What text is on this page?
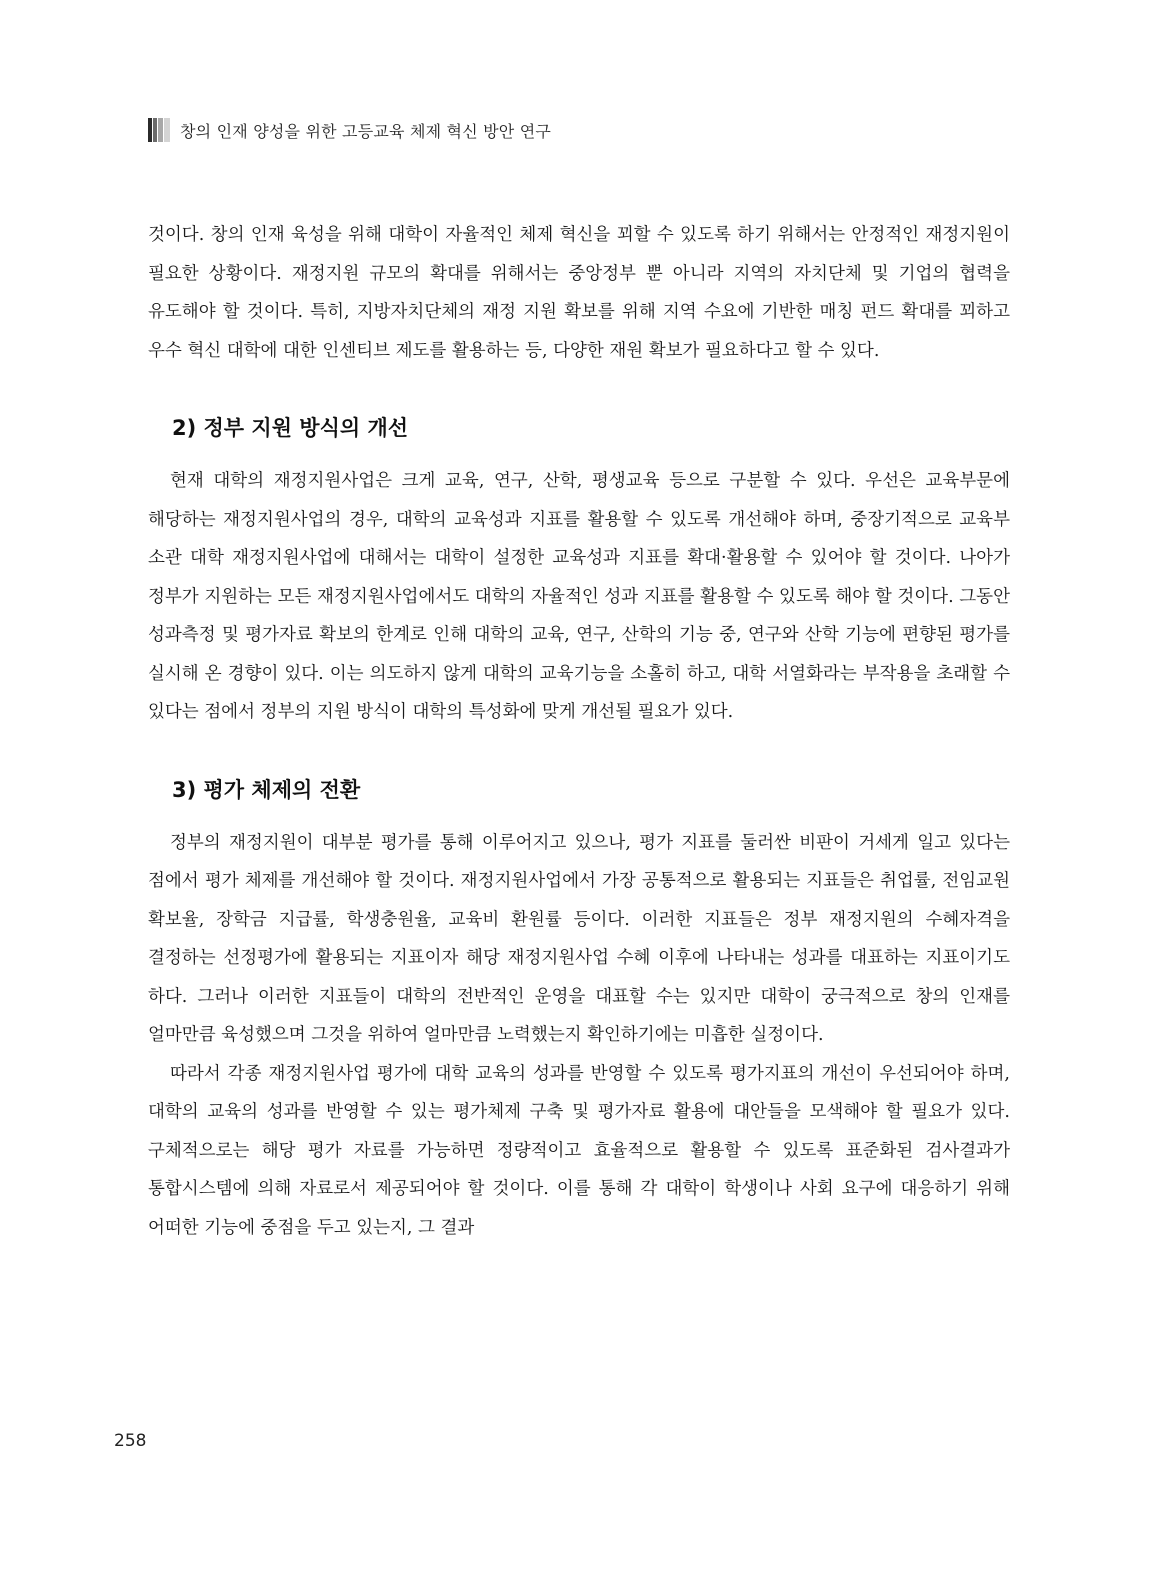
창의 인재 양성을 위한 고등교육 체제 혁신 방안 연구

것이다. 창의 인재 육성을 위해 대학이 자율적인 체제 혁신을 꾀할 수 있도록 하기 위해서는 안정적인 재정지원이 필요한 상황이다. 재정지원 규모의 확대를 위해서는 중앙정부 뿐 아니라 지역의 자치단체 및 기업의 협력을 유도해야 할 것이다. 특히, 지방자치단체의 재정 지원 확보를 위해 지역 수요에 기반한 매칭 펀드 확대를 꾀하고 우수 혁신 대학에 대한 인센티브 제도를 활용하는 등, 다양한 재원 확보가 필요하다고 할 수 있다.

2) 정부 지원 방식의 개선

현재 대학의 재정지원사업은 크게 교육, 연구, 산학, 평생교육 등으로 구분할 수 있다. 우선은 교육부문에 해당하는 재정지원사업의 경우, 대학의 교육성과 지표를 활용할 수 있도록 개선해야 하며, 중장기적으로 교육부 소관 대학 재정지원사업에 대해서는 대학이 설정한 교육성과 지표를 확대·활용할 수 있어야 할 것이다. 나아가 정부가 지원하는 모든 재정지원사업에서도 대학의 자율적인 성과 지표를 활용할 수 있도록 해야 할 것이다. 그동안 성과측정 및 평가자료 확보의 한계로 인해 대학의 교육, 연구, 산학의 기능 중, 연구와 산학 기능에 편향된 평가를 실시해 온 경향이 있다. 이는 의도하지 않게 대학의 교육기능을 소홀히 하고, 대학 서열화라는 부작용을 초래할 수 있다는 점에서 정부의 지원 방식이 대학의 특성화에 맞게 개선될 필요가 있다.

3) 평가 체제의 전환

정부의 재정지원이 대부분 평가를 통해 이루어지고 있으나, 평가 지표를 둘러싼 비판이 거세게 일고 있다는 점에서 평가 체제를 개선해야 할 것이다. 재정지원사업에서 가장 공통적으로 활용되는 지표들은 취업률, 전임교원 확보율, 장학금 지급률, 학생충원율, 교육비 환원률 등이다. 이러한 지표들은 정부 재정지원의 수혜자격을 결정하는 선정평가에 활용되는 지표이자 해당 재정지원사업 수혜 이후에 나타내는 성과를 대표하는 지표이기도 하다. 그러나 이러한 지표들이 대학의 전반적인 운영을 대표할 수는 있지만 대학이 궁극적으로 창의 인재를 얼마만큼 육성했으며 그것을 위하여 얼마만큼 노력했는지 확인하기에는 미흡한 실정이다.

따라서 각종 재정지원사업 평가에 대학 교육의 성과를 반영할 수 있도록 평가지표의 개선이 우선되어야 하며, 대학의 교육의 성과를 반영할 수 있는 평가체제 구축 및 평가자료 활용에 대안들을 모색해야 할 필요가 있다. 구체적으로는 해당 평가 자료를 가능하면 정량적이고 효율적으로 활용할 수 있도록 표준화된 검사결과가 통합시스템에 의해 자료로서 제공되어야 할 것이다. 이를 통해 각 대학이 학생이나 사회 요구에 대응하기 위해 어떠한 기능에 중점을 두고 있는지, 그 결과

258
